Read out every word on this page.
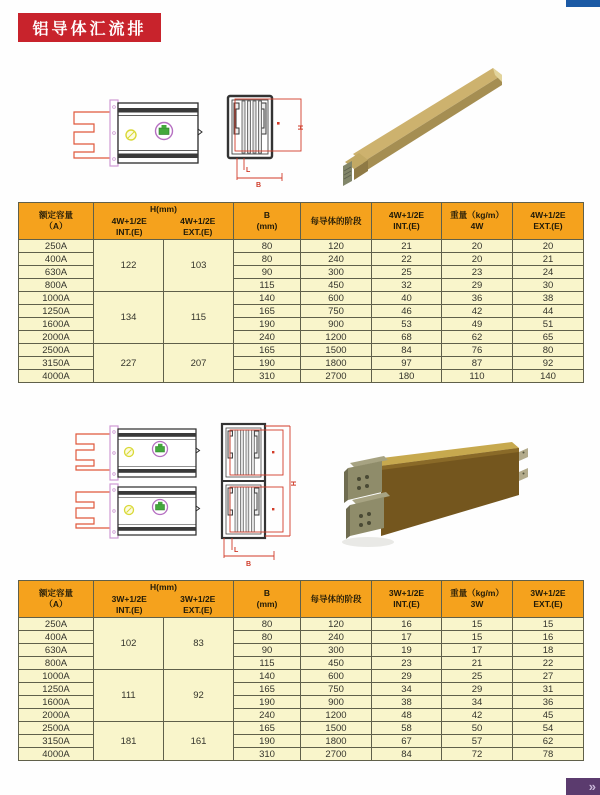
铝导体汇流排
L
B
H
L
B
H
额定容量
（A）

H(mm)
4W+1/2E
INT.(E)
4W+1/2E
EXT.(E)

B
(mm)

每导体的阶段

4W+1/2E
INT.(E)

重量（kg/m）
4W

4W+1/2E
EXT.(E)

250A	122	103	80	120	21	20	20

400A			80	240	22	20	21

630A			90	300	25	23	24

800A			115	450	32	29	30

1000A	134	115	140	600	40	36	38

1250A			165	750	46	42	44

1600A			190	900	53	49	51

2000A			240	1200	68	62	65

2500A	227	207	165	1500	84	76	80

3150A			190	1800	97	87	92

4000A			310	2700	180	110	140
额定容量
（A）

H(mm)
3W+1/2E
INT.(E)
3W+1/2E
EXT.(E)

B
(mm)

每导体的阶段

3W+1/2E
INT.(E)

重量（kg/m）
3W

3W+1/2E
EXT.(E)

250A	102	83	80	120	16	15	15

400A			80	240	17	15	16

630A			90	300	19	17	18

800A			115	450	23	21	22

1000A	111	92	140	600	29	25	27

1250A			165	750	34	29	31

1600A			190	900	38	34	36

2000A			240	1200	48	42	45

2500A	181	161	165	1500	58	50	54

3150A			190	1800	67	57	62

4000A			310	2700	84	72	78
»
